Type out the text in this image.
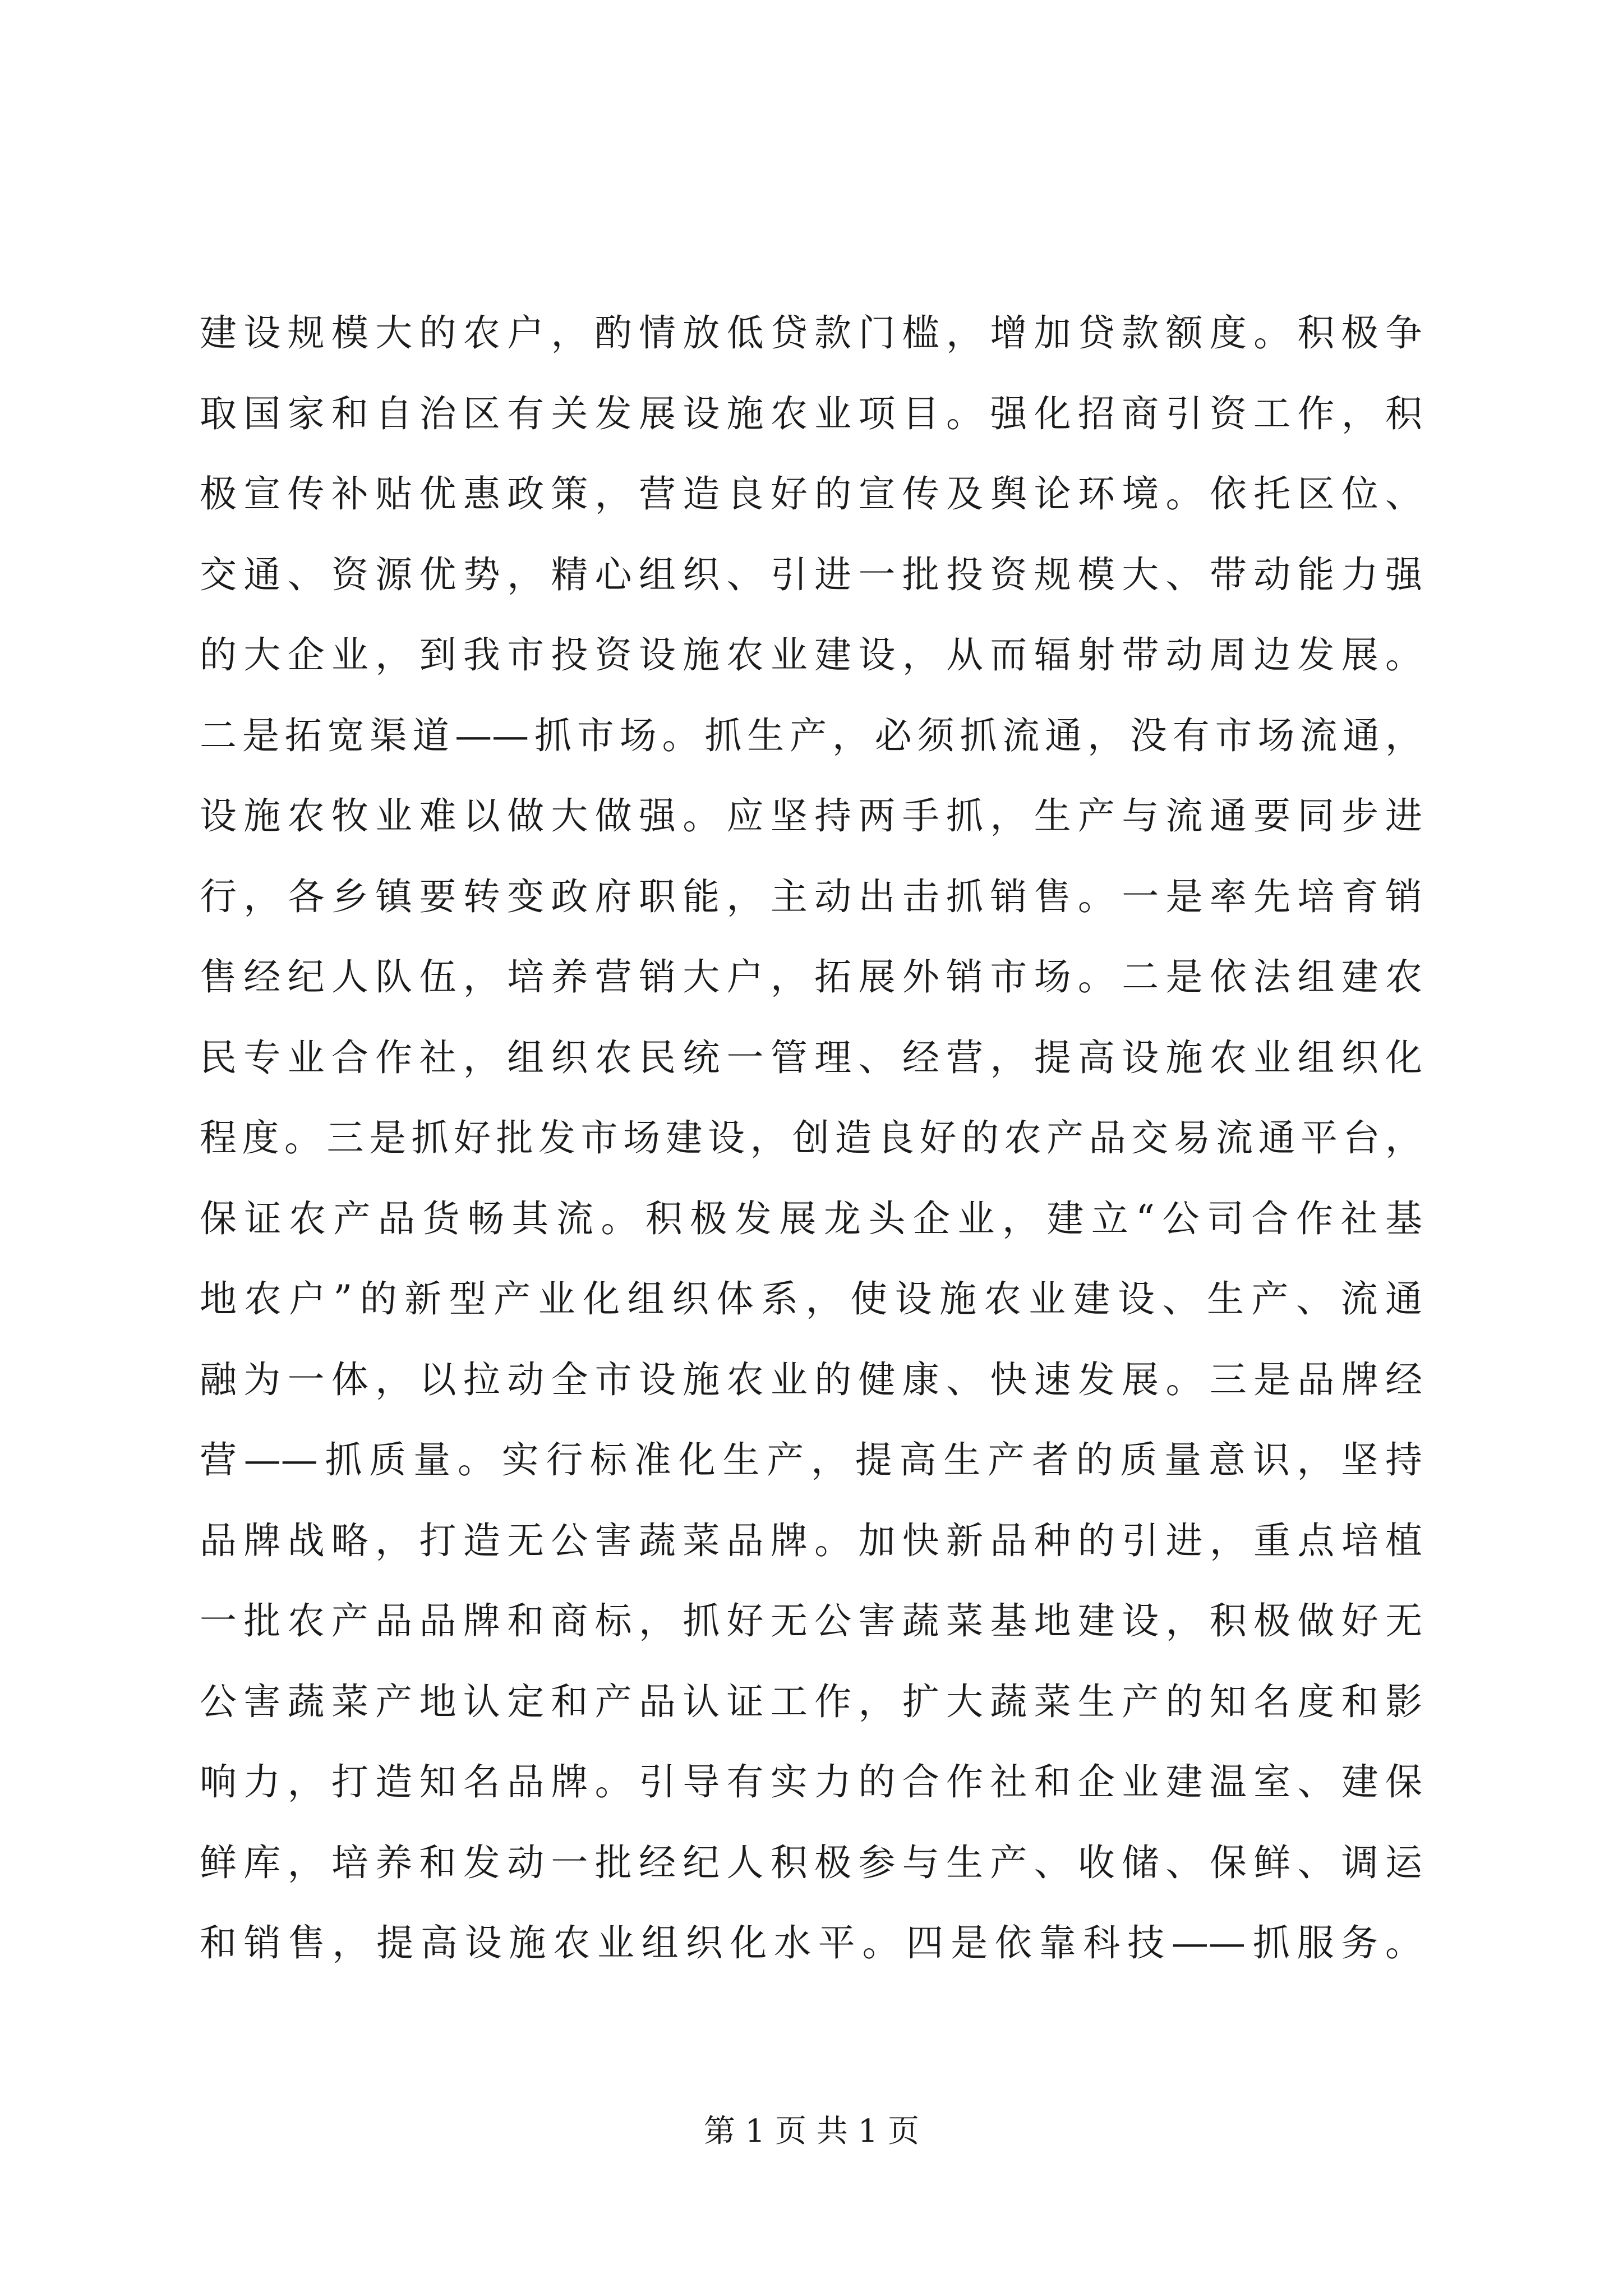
建设规模大的农户，酌情放低贷款门槛，增加贷款额度。积极争
取国家和自治区有关发展设施农业项目。强化招商引资工作，积
极宣传补贴优惠政策，营造良好的宣传及舆论环境。依托区位、
交通、资源优势，精心组织、引进一批投资规模大、带动能力强
的大企业，到我市投资设施农业建设，从而辐射带动周边发展。
二是拓宽渠道——抓市场。抓生产，必须抓流通，没有市场流通，
设施农牧业难以做大做强。应坚持两手抓，生产与流通要同步进
行，各乡镇要转变政府职能，主动出击抓销售。一是率先培育销
售经纪人队伍，培养营销大户，拓展外销市场。二是依法组建农
民专业合作社，组织农民统一管理、经营，提高设施农业组织化
程度。三是抓好批发市场建设，创造良好的农产品交易流通平台，
保证农产品货畅其流。积极发展龙头企业，建立“公司合作社基
地农户”的新型产业化组织体系，使设施农业建设、生产、流通
融为一体，以拉动全市设施农业的健康、快速发展。三是品牌经
营——抓质量。实行标准化生产，提高生产者的质量意识，坚持
品牌战略，打造无公害蔬菜品牌。加快新品种的引进，重点培植
一批农产品品牌和商标，抓好无公害蔬菜基地建设，积极做好无
公害蔬菜产地认定和产品认证工作，扩大蔬菜生产的知名度和影
响力，打造知名品牌。引导有实力的合作社和企业建温室、建保
鲜库，培养和发动一批经纪人积极参与生产、收储、保鲜、调运
和销售，提高设施农业组织化水平。四是依靠科技——抓服务。
第 1 页 共 1 页
